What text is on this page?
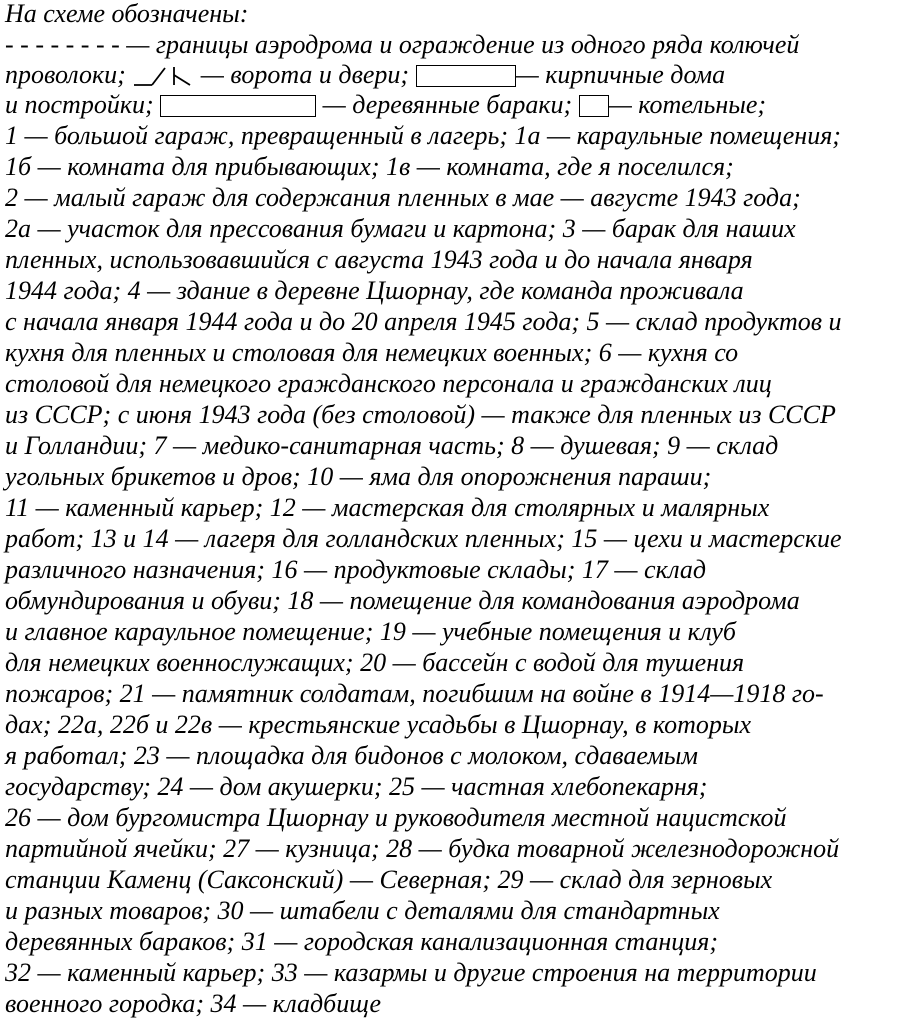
На схеме обозначены:
- - - - - - - - — границы аэродрома и ограждение из одного ряда колючей
проволоки;
— ворота и двери;	— кирпичные дома
и постройки;	— деревянные бараки; — котельные;
1 — большой гараж, превращенный в лагерь; 1а — караульные помещения;
1б — комната для прибывающих; 1в — комната, где я поселился;
2 — малый гараж для содержания пленных в мае — августе 1943 года;
2а — участок для прессования бумаги и картона; 3 — барак для наших
пленных, использовавшийся с августа 1943 года и до начала января
1944 года; 4 — здание в деревне Цшорнау, где команда проживала
с начала января 1944 года и до 20 апреля 1945 года; 5 — склад продуктов и
кухня для пленных и столовая для немецких военных; 6 — кухня со
столовой для немецкого гражданского персонала и гражданских лиц
из СССР; с июня 1943 года (без столовой) — также для пленных из СССР
и Голландии; 7 — медико-санитарная часть; 8 — душевая; 9 — склад
угольных брикетов и дров; 10 — яма для опорожнения параши;
11 — каменный карьер; 12 — мастерская для столярных и малярных
работ; 13 и 14 — лагеря для голландских пленных; 15 — цехи и мастерские
различного назначения; 16 — продуктовые склады; 17 — склад
обмундирования и обуви; 18 — помещение для командования аэродрома
и главное караульное помещение; 19 — учебные помещения и клуб
для немецких военнослужащих; 20 — бассейн с водой для тушения
пожаров; 21 — памятник солдатам, погибшим на войне в 1914—1918 го-
дах; 22а, 22б и 22в — крестьянские усадьбы в Цшорнау, в которых
я работал; 23 — площадка для бидонов с молоком, сдаваемым
государству; 24 — дом акушерки; 25 — частная хлебопекарня;
26 — дом бургомистра Цшорнау и руководителя местной нацистской
партийной ячейки; 27 — кузница; 28 — будка товарной железнодорожной
станции Каменц (Саксонский) — Северная; 29 — склад для зерновых
и разных товаров; 30 — штабели с деталями для стандартных
деревянных бараков; 31 — городская канализационная станция;
32 — каменный карьер; 33 — казармы и другие строения на территории
военного городка; 34 — кладбище
